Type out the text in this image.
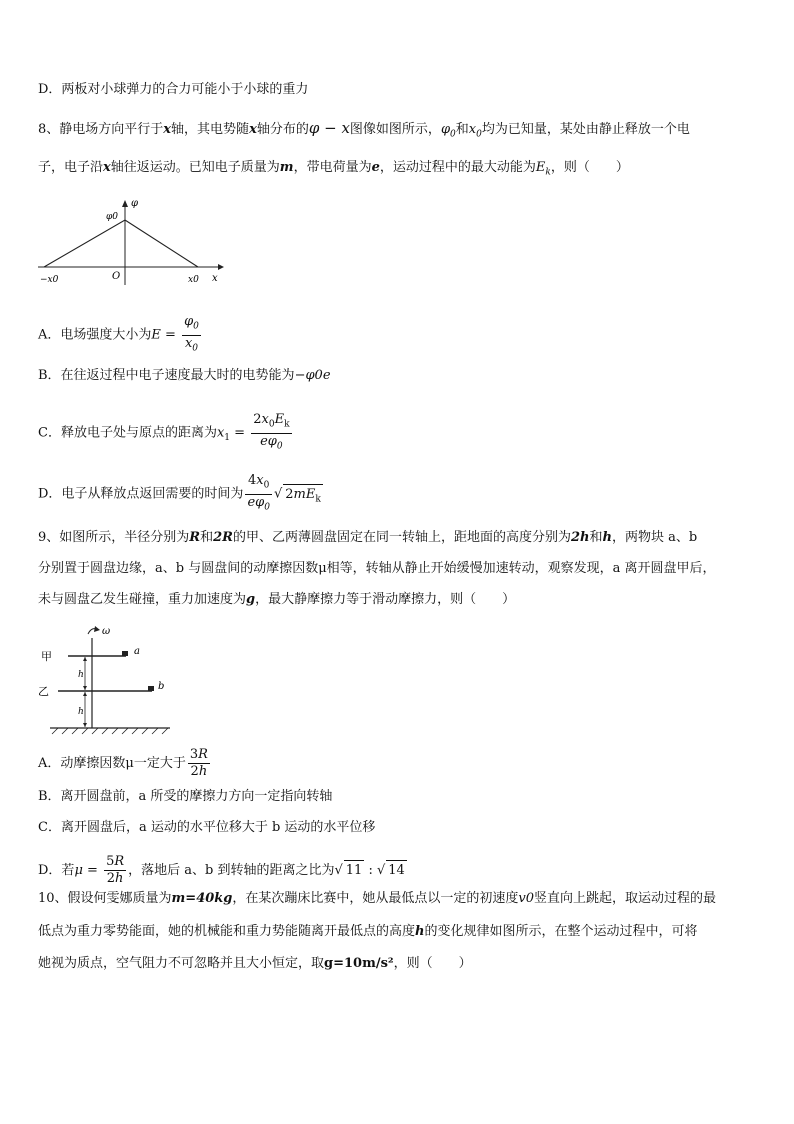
D．两板对小球弹力的合力可能小于小球的重力
8、静电场方向平行于x轴，其电势随x轴分布的φ − x图像如图所示，$\varphi_0$和$x_0$均为已知量，某处由静止释放一个电
子，电子沿x轴往返运动。已知电子质量为m，带电荷量为e，运动过程中的最大动能为$E_k$，则（　　）
φ
φ0
x
O
−x0	x0
A．电场强度大小为$E = \frac{\varphi_0}{x_0}$
B．在往返过程中电子速度最大时的电势能为−φ0e
C．释放电子处与原点的距离为$x_1 = \frac{2x_0E_k}{e\varphi_0}$
D．电子从释放点返回需要的时间为 $\frac{4x_0}{e\varphi_0}$ √ $2mE_k$
9、如图所示，半径分别为R和2R的甲、乙两薄圆盘固定在同一转轴上，距地面的高度分别为2h和h，两物块 a、b
分别置于圆盘边缘，a、b 与圆盘间的动摩擦因数μ相等，转轴从静止开始缓慢加速转动，观察发现，a 离开圆盘甲后，
未与圆盘乙发生碰撞，重力加速度为g，最大静摩擦力等于滑动摩擦力，则（　　）
ω
a
甲
b
乙
h
h
A．动摩擦因数μ一定大于 $\frac{3R}{2h}$
B．离开圆盘前，a 所受的摩擦力方向一定指向转轴
C．离开圆盘后，a 运动的水平位移大于 b 运动的水平位移
D．若$\mu = \frac{5R}{2h}$ ，落地后 a、b 到转轴的距离之比为√ 11 : √ 14
10、假设何雯娜质量为m=40kg，在某次蹦床比赛中，她从最低点以一定的初速度v0竖直向上跳起，取运动过程的最
低点为重力零势能面，她的机械能和重力势能随离开最低点的高度h的变化规律如图所示，在整个运动过程中，可将
她视为质点，空气阻力不可忽略并且大小恒定，取g=10m/s²，则（　　）
